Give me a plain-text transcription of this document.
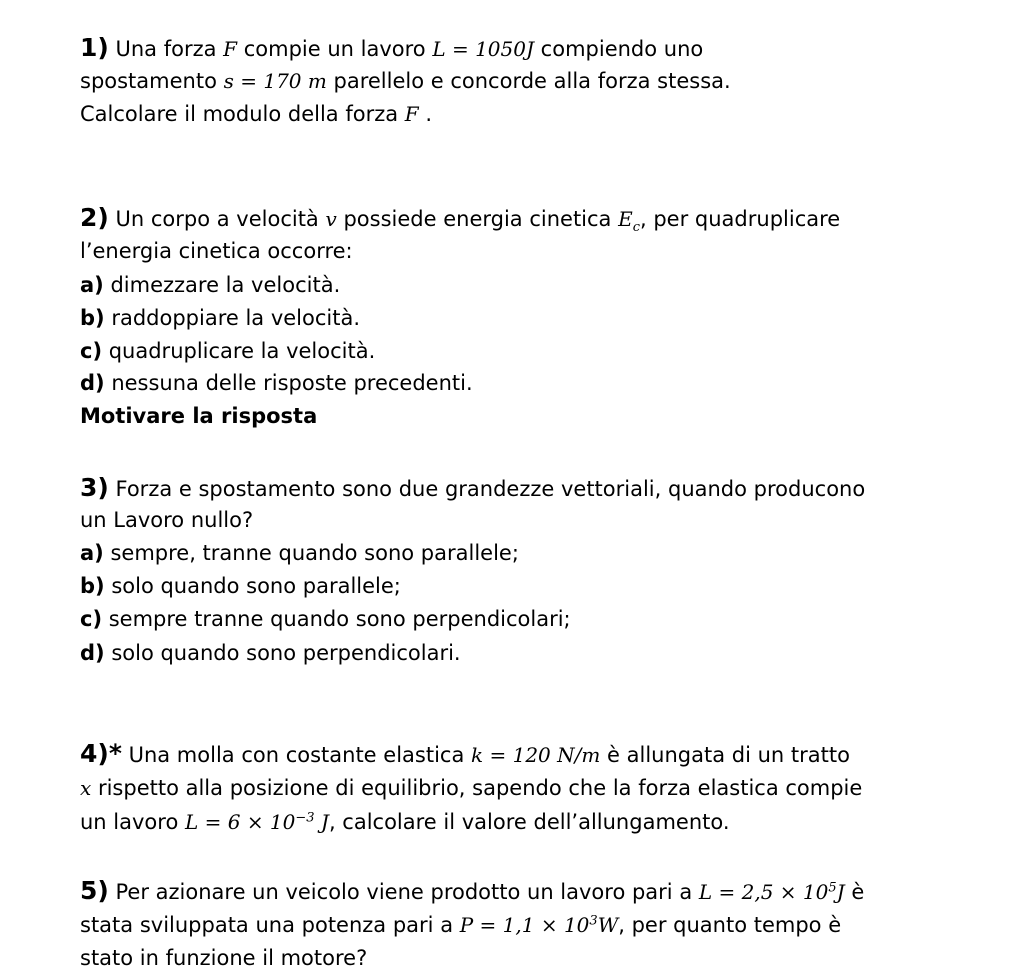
1) Una forza F compie un lavoro L = 1050J compiendo uno
spostamento s = 170 m parellelo e concorde alla forza stessa.
Calcolare il modulo della forza F .
2) Un corpo a velocità v possiede energia cinetica $E_c$, per quadruplicare
l’energia cinetica occorre:
a) dimezzare la velocità.
b) raddoppiare la velocità.
c) quadruplicare la velocità.
d) nessuna delle risposte precedenti.
Motivare la risposta
3) Forza e spostamento sono due grandezze vettoriali, quando producono
un Lavoro nullo?
a) sempre, tranne quando sono parallele;
b) solo quando sono parallele;
c) sempre tranne quando sono perpendicolari;
d) solo quando sono perpendicolari.
4)* Una molla con costante elastica k = 120 N/m è allungata di un tratto
x rispetto alla posizione di equilibrio, sapendo che la forza elastica compie
un lavoro $L = 6 \times 10^{-3}$ J, calcolare il valore dell’allungamento.
5) Per azionare un veicolo viene prodotto un lavoro pari a $L = 2,5 \times 10^5J$ è
stata sviluppata una potenza pari a $P = 1,1 \times 10^3W$, per quanto tempo è
stato in funzione il motore?
